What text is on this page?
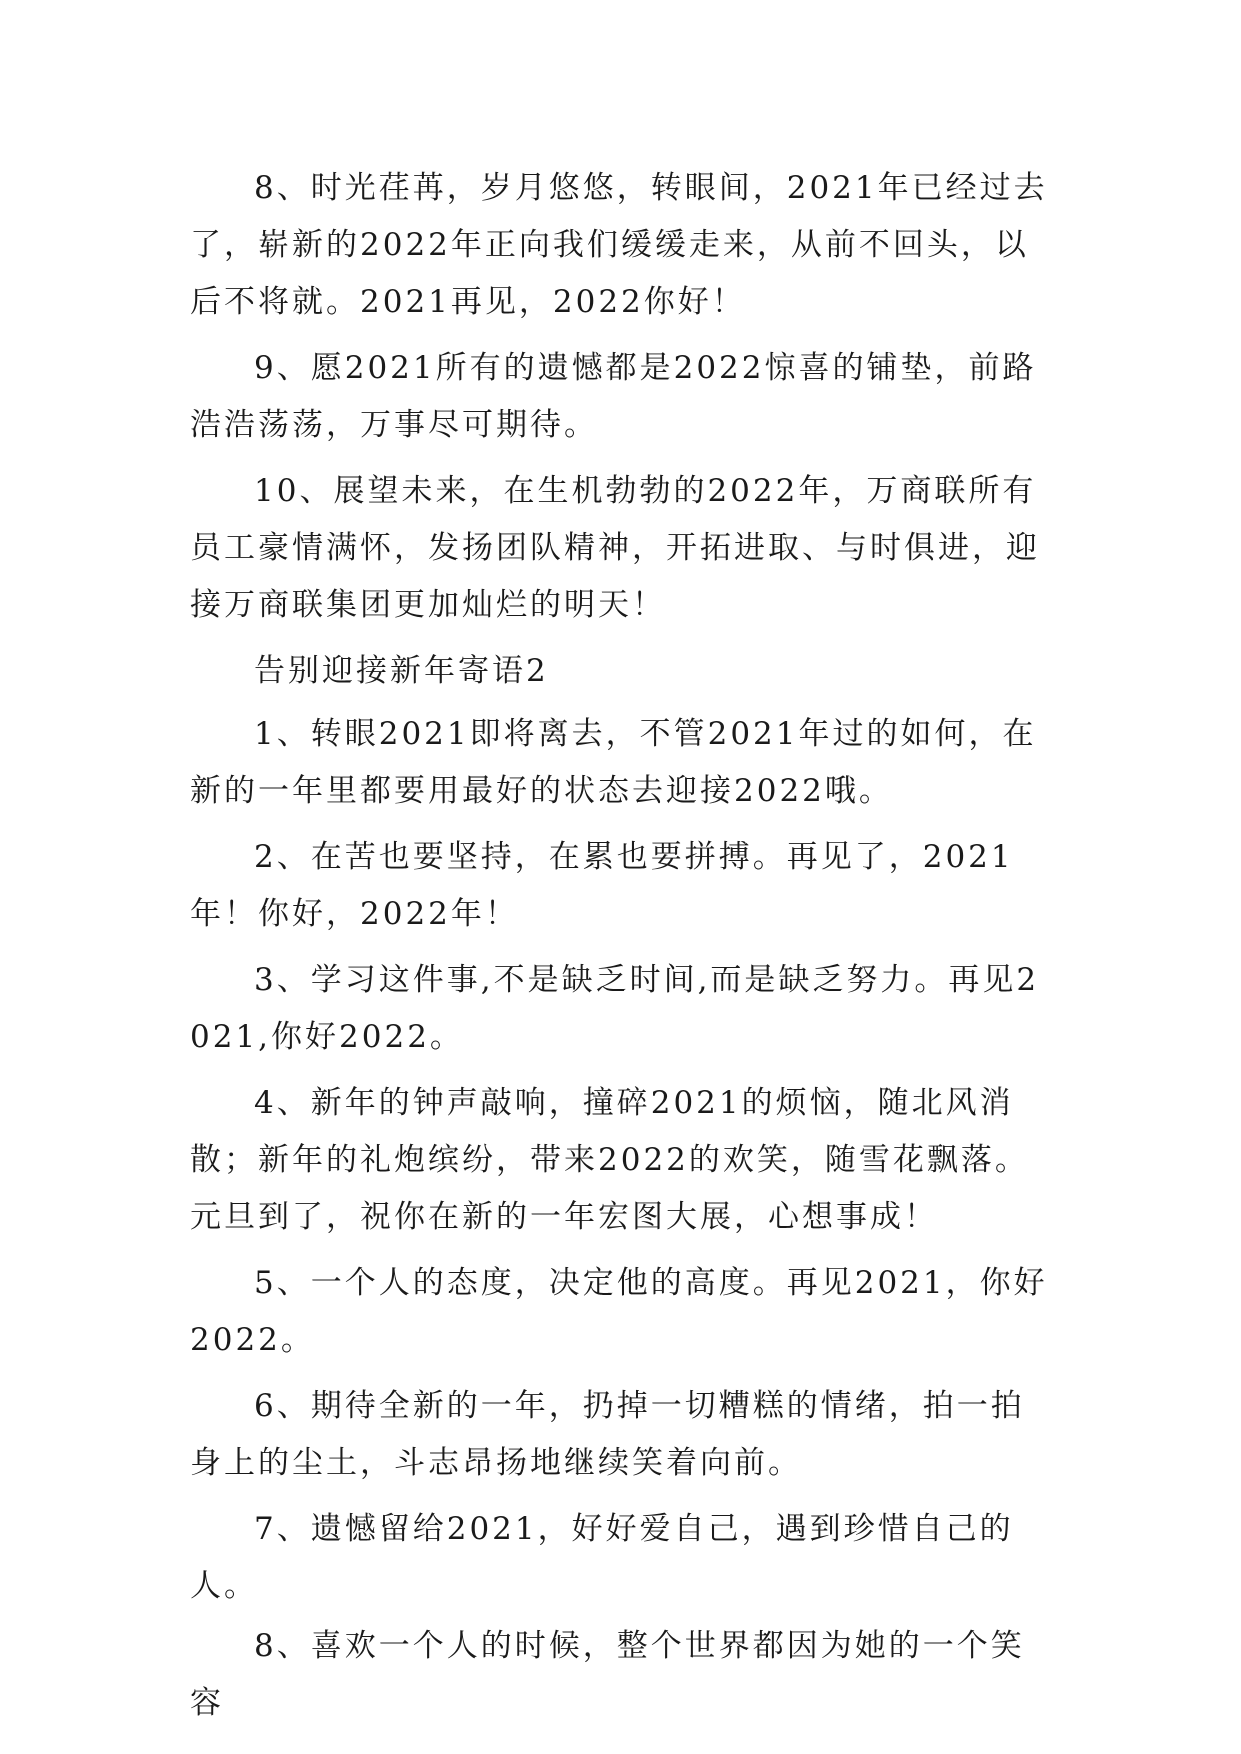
8、时光荏苒，岁月悠悠，转眼间，2021年已经过去了，崭新的2022年正向我们缓缓走来，从前不回头，以后不将就。2021再见，2022你好！

9、愿2021所有的遗憾都是2022惊喜的铺垫，前路浩浩荡荡，万事尽可期待。

10、展望未来，在生机勃勃的2022年，万商联所有员工豪情满怀，发扬团队精神，开拓进取、与时俱进，迎接万商联集团更加灿烂的明天！

告别迎接新年寄语2

1、转眼2021即将离去，不管2021年过的如何，在新的一年里都要用最好的状态去迎接2022哦。

2、在苦也要坚持，在累也要拼搏。再见了，2021年！你好，2022年！

3、学习这件事,不是缺乏时间,而是缺乏努力。再见2021,你好2022。

4、新年的钟声敲响，撞碎2021的烦恼，随北风消散；新年的礼炮缤纷，带来2022的欢笑，随雪花飘落。元旦到了，祝你在新的一年宏图大展，心想事成！

5、一个人的态度，决定他的高度。再见2021，你好2022。

6、期待全新的一年，扔掉一切糟糕的情绪，拍一拍身上的尘土，斗志昂扬地继续笑着向前。

7、遗憾留给2021，好好爱自己，遇到珍惜自己的人。

8、喜欢一个人的时候，整个世界都因为她的一个笑容
